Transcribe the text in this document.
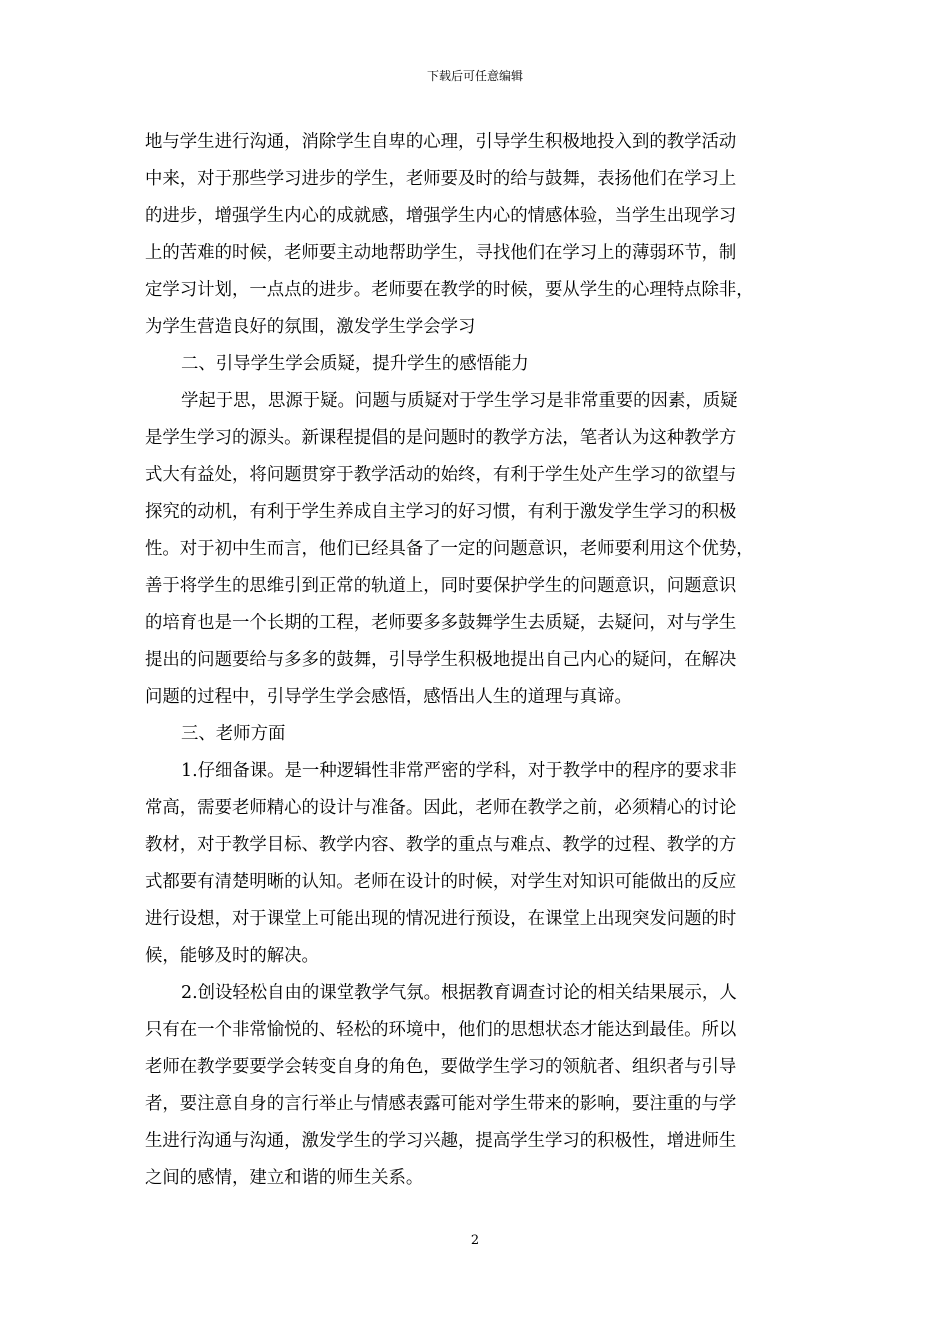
下载后可任意编辑
地与学生进行沟通，消除学生自卑的心理，引导学生积极地投入到的教学活动
中来，对于那些学习进步的学生，老师要及时的给与鼓舞，表扬他们在学习上
的进步，增强学生内心的成就感，增强学生内心的情感体验，当学生出现学习
上的苦难的时候，老师要主动地帮助学生，寻找他们在学习上的薄弱环节，制
定学习计划，一点点的进步。老师要在教学的时候，要从学生的心理特点除非，
为学生营造良好的氛围，激发学生学会学习
二、引导学生学会质疑，提升学生的感悟能力
学起于思，思源于疑。问题与质疑对于学生学习是非常重要的因素，质疑
是学生学习的源头。新课程提倡的是问题时的教学方法，笔者认为这种教学方
式大有益处，将问题贯穿于教学活动的始终，有利于学生处产生学习的欲望与
探究的动机，有利于学生养成自主学习的好习惯，有利于激发学生学习的积极
性。对于初中生而言，他们已经具备了一定的问题意识，老师要利用这个优势，
善于将学生的思维引到正常的轨道上，同时要保护学生的问题意识，问题意识
的培育也是一个长期的工程，老师要多多鼓舞学生去质疑，去疑问，对与学生
提出的问题要给与多多的鼓舞，引导学生积极地提出自己内心的疑问，在解决
问题的过程中，引导学生学会感悟，感悟出人生的道理与真谛。
三、老师方面
1.仔细备课。是一种逻辑性非常严密的学科，对于教学中的程序的要求非
常高，需要老师精心的设计与准备。因此，老师在教学之前，必须精心的讨论
教材，对于教学目标、教学内容、教学的重点与难点、教学的过程、教学的方
式都要有清楚明晰的认知。老师在设计的时候，对学生对知识可能做出的反应
进行设想，对于课堂上可能出现的情况进行预设，在课堂上出现突发问题的时
候，能够及时的解决。
2.创设轻松自由的课堂教学气氛。根据教育调查讨论的相关结果展示，人
只有在一个非常愉悦的、轻松的环境中，他们的思想状态才能达到最佳。所以
老师在教学要要学会转变自身的角色，要做学生学习的领航者、组织者与引导
者，要注意自身的言行举止与情感表露可能对学生带来的影响，要注重的与学
生进行沟通与沟通，激发学生的学习兴趣，提高学生学习的积极性，增进师生
之间的感情，建立和谐的师生关系。
2
